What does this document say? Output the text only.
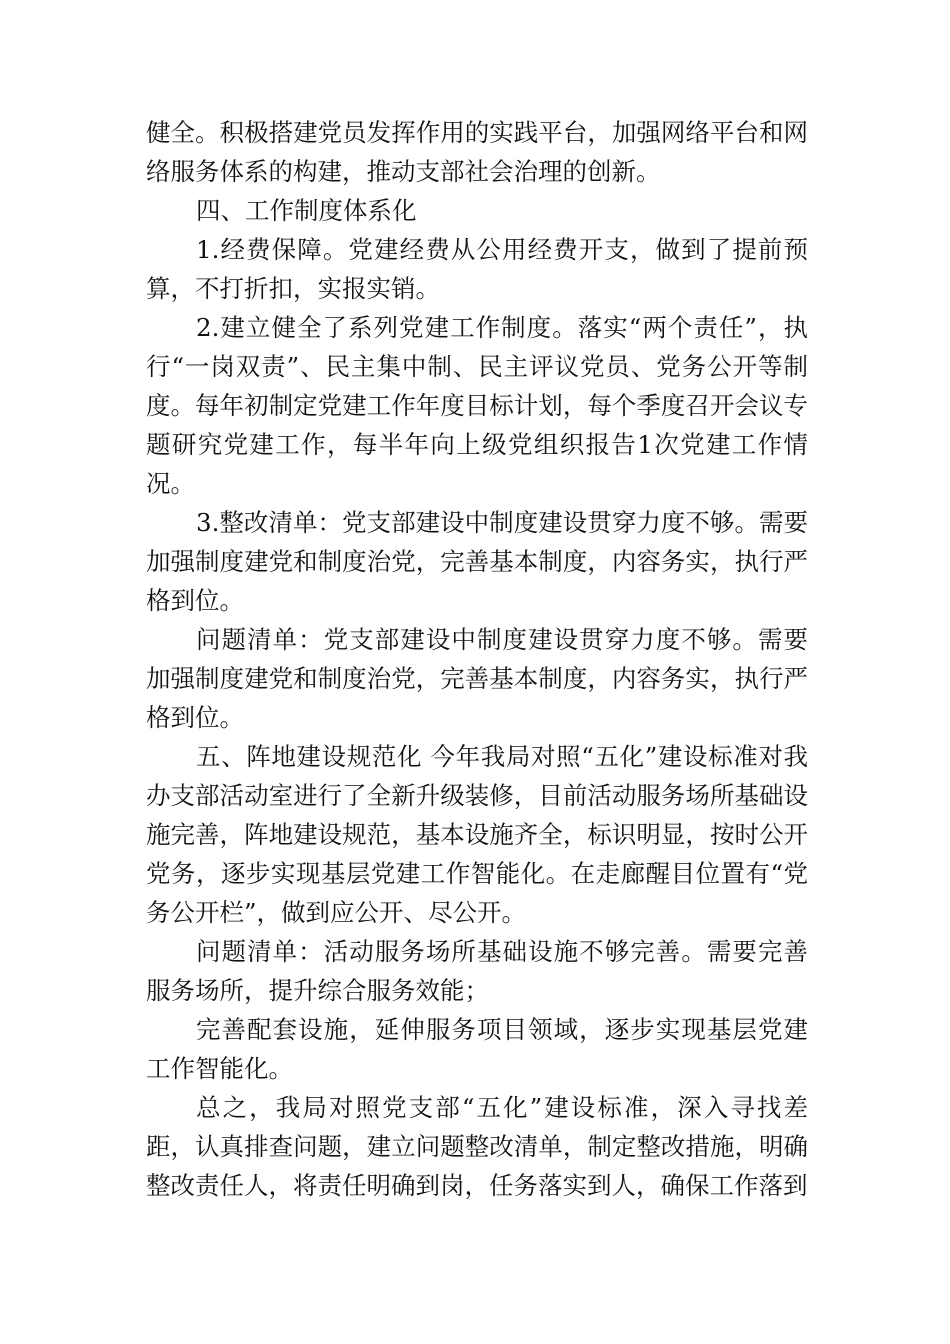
健全。积极搭建党员发挥作用的实践平台，加强网络平台和网络服务体系的构建，推动支部社会治理的创新。

四、工作制度体系化

1.经费保障。党建经费从公用经费开支，做到了提前预算，不打折扣，实报实销。

2.建立健全了系列党建工作制度。落实“两个责任”，执行“一岗双责”、民主集中制、民主评议党员、党务公开等制度。每年初制定党建工作年度目标计划，每个季度召开会议专题研究党建工作，每半年向上级党组织报告1次党建工作情况。

3.整改清单：党支部建设中制度建设贯穿力度不够。需要加强制度建党和制度治党，完善基本制度，内容务实，执行严格到位。

问题清单：党支部建设中制度建设贯穿力度不够。需要加强制度建党和制度治党，完善基本制度，内容务实，执行严格到位。

五、阵地建设规范化 今年我局对照“五化”建设标准对我办支部活动室进行了全新升级装修，目前活动服务场所基础设施完善，阵地建设规范，基本设施齐全，标识明显，按时公开党务，逐步实现基层党建工作智能化。在走廊醒目位置有“党务公开栏”，做到应公开、尽公开。

问题清单：活动服务场所基础设施不够完善。需要完善服务场所，提升综合服务效能；

完善配套设施，延伸服务项目领域，逐步实现基层党建工作智能化。

总之，我局对照党支部“五化”建设标准，深入寻找差距，认真排查问题，建立问题整改清单，制定整改措施，明确整改责任人，将责任明确到岗，任务落实到人，确保工作落到
